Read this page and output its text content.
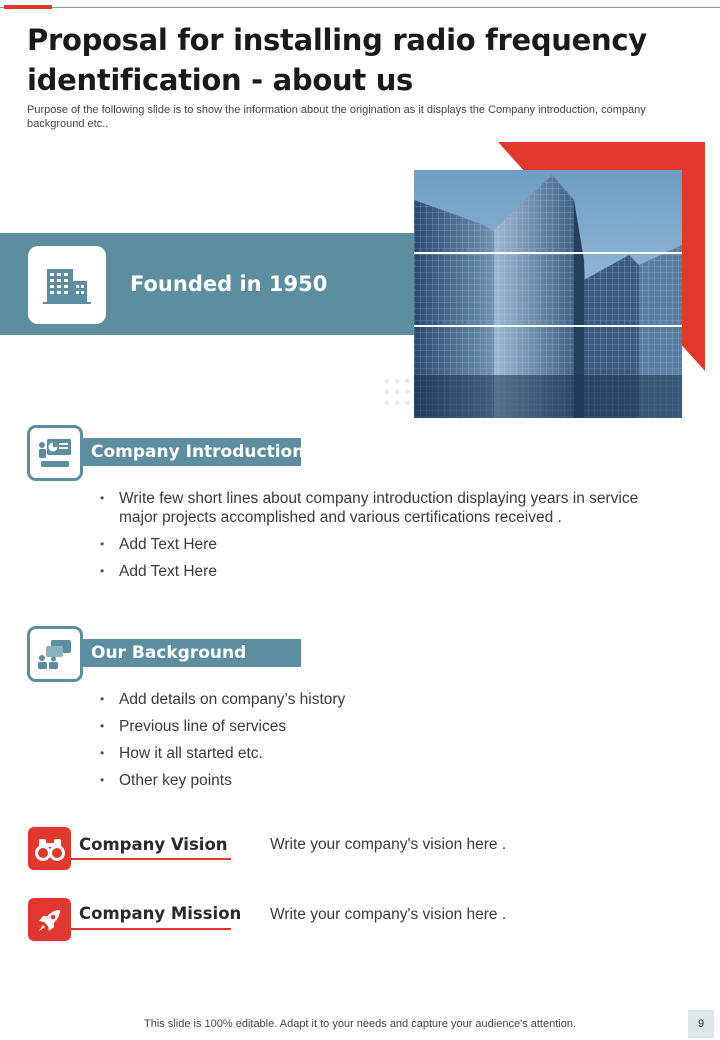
Proposal for installing radio frequency
identification - about us

Purpose of the following slide is to show the information about the origination as it displays the Company introduction, company background etc..

Founded in 1950
Company Introduction
• Write few short lines about company introduction displaying years in service major projects accomplished and various certifications received .
• Add Text Here
• Add Text Here
Our Background
• Add details on company’s history
• Previous line of services
• How it all started etc.
• Other key points
Company Vision	Write your company's vision here .
Company Mission Write your company's vision here .
This slide is 100% editable. Adapt it to your needs and capture your audience's attention.	9
